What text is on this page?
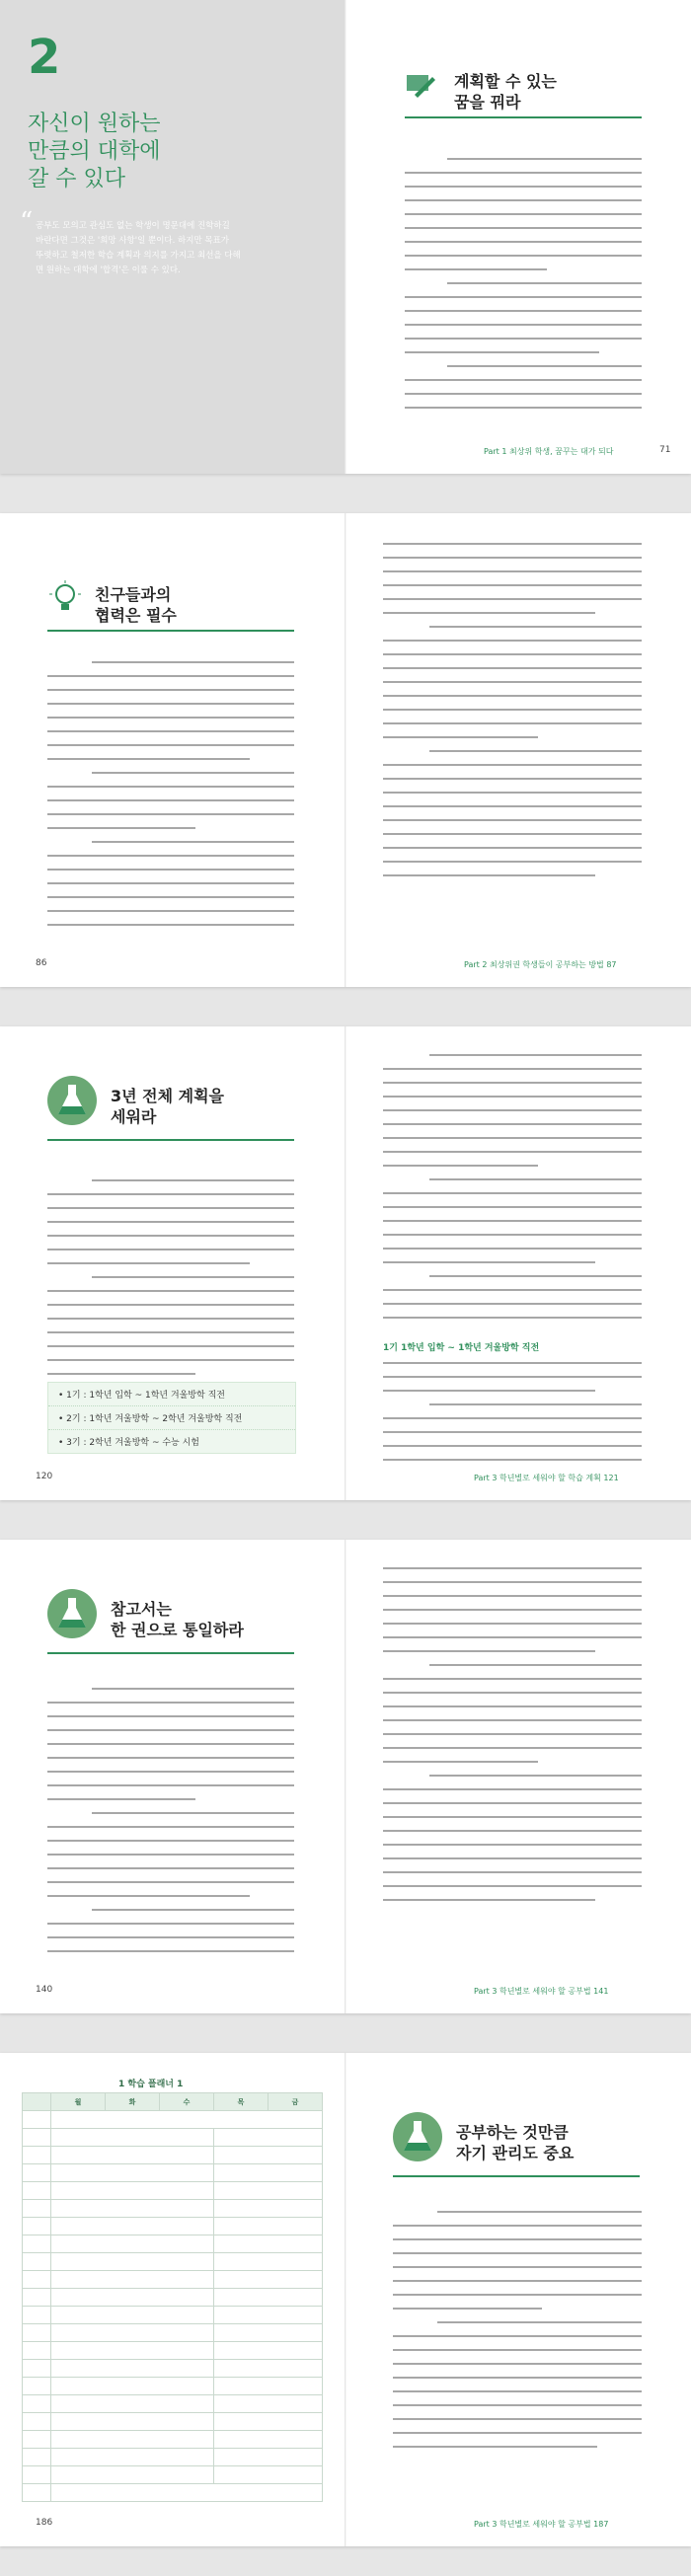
2
자신이 원하는
만큼의 대학에
갈 수 있다
“ 공부도 모의고 관심도 없는 학생이 명문대에 진학하길
바란다면 그것은 '희망 사항'일 뿐이다. 하지만 목표가
뚜렷하고 철저한 학습 계획과 의지를 가지고 최선을 다해
면 원하는 대학에 '합격'은 이룰 수 있다.
계획할 수 있는
꿈을 꿔라
Part 1 최상위 학생, 꿈꾸는 대가 되다	71
친구들과의
협력은 필수
86	Part 2 최상위권 학생들이 공부하는 방법 87
3년 전체 계획을
세워라
• 1기 : 1학년 입학 ~ 1학년 겨울방학 직전
• 2기 : 1학년 겨울방학 ~ 2학년 겨울방학 직전
• 3기 : 2학년 겨울방학 ~ 수능 시험
120
1기 1학년 입학 ~ 1학년 겨울방학 직전
Part 3 학년별로 세워야 할 학습 계획 121
참고서는
한 권으로 통일하라
140	Part 3 학년별로 세워야 할 공부법 141
1 학습 플래너 1
	월	화	수	목	금

186
공부하는 것만큼
자기 관리도 중요
Part 3 학년별로 세워야 할 공부법 187
